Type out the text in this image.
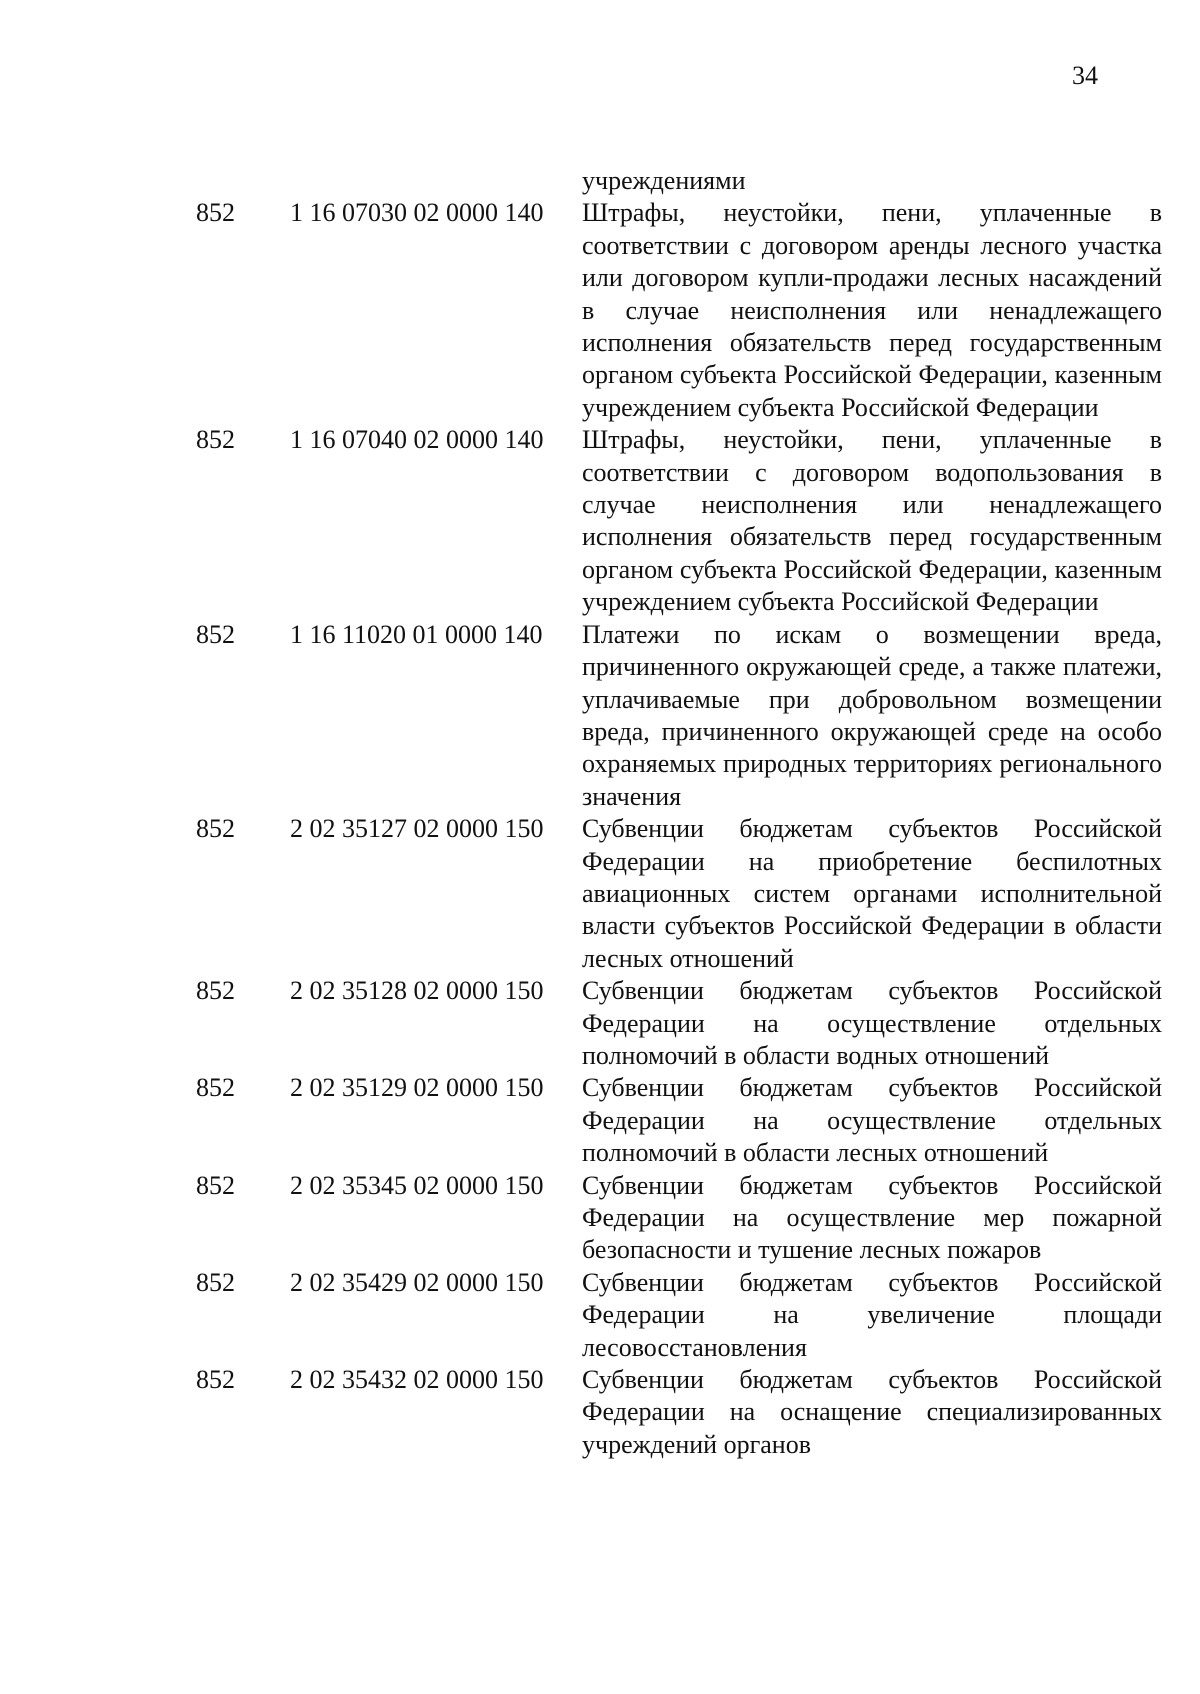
34
учреждениями
852	1 16 07030 02 0000 140	Штрафы, неустойки, пени, уплаченные в соответствии с договором аренды лесного участка или договором купли-продажи лесных насаждений в случае неисполнения или ненадлежащего исполнения обязательств перед государственным органом субъекта Российской Федерации, казенным учреждением субъекта Российской Федерации
852	1 16 07040 02 0000 140	Штрафы, неустойки, пени, уплаченные в соответствии с договором водопользования в случае неисполнения или ненадлежащего исполнения обязательств перед государственным органом субъекта Российской Федерации, казенным учреждением субъекта Российской Федерации
852	1 16 11020 01 0000 140	Платежи по искам о возмещении вреда, причиненного окружающей среде, а также платежи, уплачиваемые при добровольном возмещении вреда, причиненного окружающей среде на особо охраняемых природных территориях регионального значения
852	2 02 35127 02 0000 150	Субвенции бюджетам субъектов Российской Федерации на приобретение беспилотных авиационных систем органами исполнительной власти субъектов Российской Федерации в области лесных отношений
852	2 02 35128 02 0000 150	Субвенции бюджетам субъектов Российской Федерации на осуществление отдельных полномочий в области водных отношений
852	2 02 35129 02 0000 150	Субвенции бюджетам субъектов Российской Федерации на осуществление отдельных полномочий в области лесных отношений
852	2 02 35345 02 0000 150	Субвенции бюджетам субъектов Российской Федерации на осуществление мер пожарной безопасности и тушение лесных пожаров
852	2 02 35429 02 0000 150	Субвенции бюджетам субъектов Российской Федерации на увеличение площади лесовосстановления
852	2 02 35432 02 0000 150	Субвенции бюджетам субъектов Российской Федерации на оснащение специализированных учреждений органов
